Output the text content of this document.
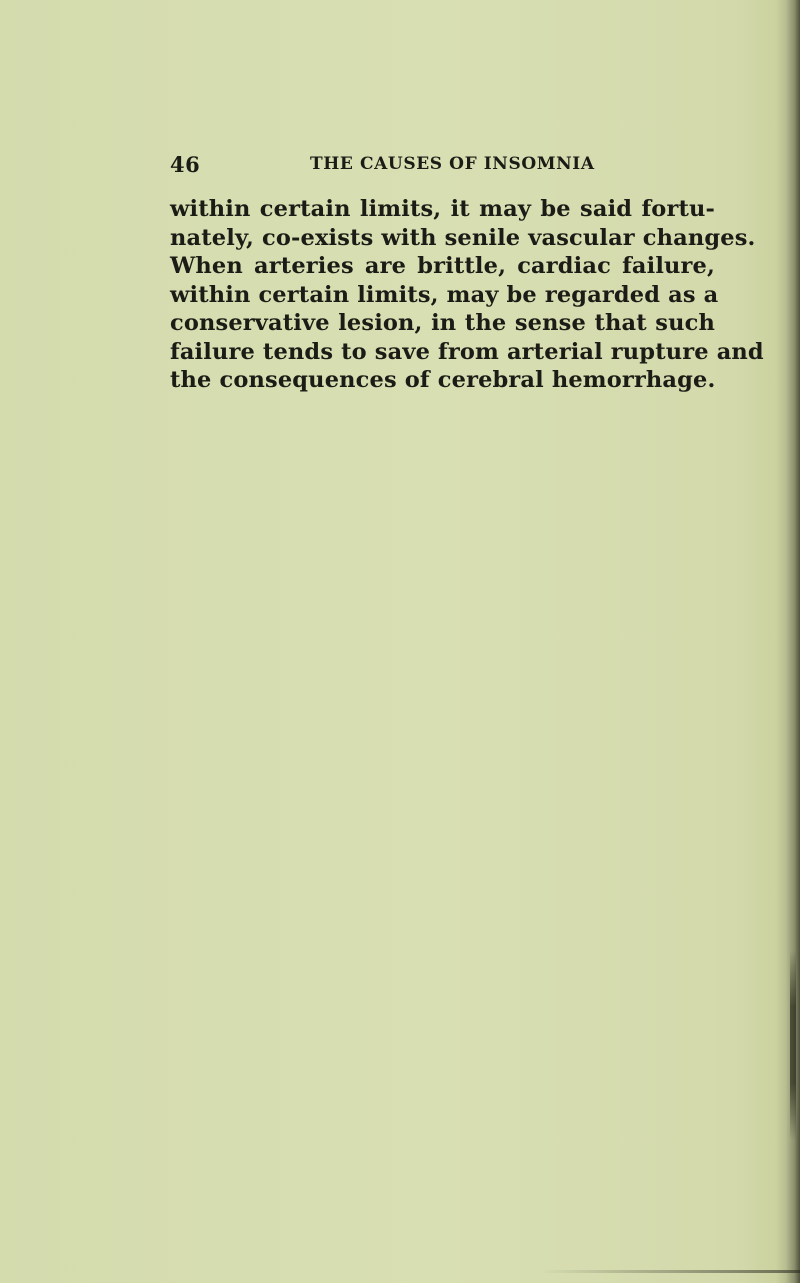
46	THE CAUSES OF INSOMNIA
within certain limits, it may be said fortu-
nately, co-exists with senile vascular changes.
When arteries are brittle, cardiac failure,
within certain limits, may be regarded as a
conservative lesion, in the sense that such
failure tends to save from arterial rupture and
the consequences of cerebral hemorrhage.
